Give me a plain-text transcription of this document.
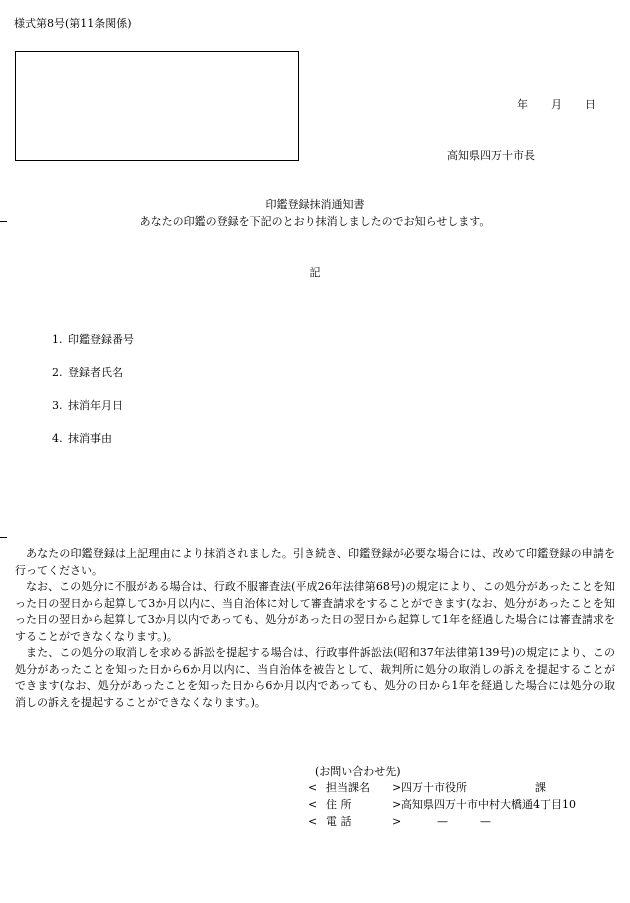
様式第8号(第11条関係)
年 月 日
高知県四万十市長
印鑑登録抹消通知書
あなたの印鑑の登録を下記のとおり抹消しましたのでお知らせします。
記
1. 印鑑登録番号
2. 登録者氏名
3. 抹消年月日
4. 抹消事由

あなたの印鑑登録は上記理由により抹消されました。引き続き、印鑑登録が必要な場合には、改めて印鑑登録の申請を行ってください。

なお、この処分に不服がある場合は、行政不服審査法(平成26年法律第68号)の規定により、この処分があったことを知った日の翌日から起算して3か月以内に、当自治体に対して審査請求をすることができます(なお、処分があったことを知った日の翌日から起算して3か月以内であっても、処分があった日の翌日から起算して1年を経過した場合には審査請求をすることができなくなります。)。

また、この処分の取消しを求める訴訟を提起する場合は、行政事件訴訟法(昭和37年法律第139号)の規定により、この処分があったことを知った日から6か月以内に、当自治体を被告として、裁判所に処分の取消しの訴えを提起することができます(なお、処分があったことを知った日から6か月以内であっても、処分の日から1年を経過した場合には処分の取消しの訴えを提起することができなくなります。)。

(お問い合わせ先)
< 担当課名 >四万十市役所	課
< 住 所	>高知県四万十市中村大橋通4丁目10
< 電 話	>	—	—
